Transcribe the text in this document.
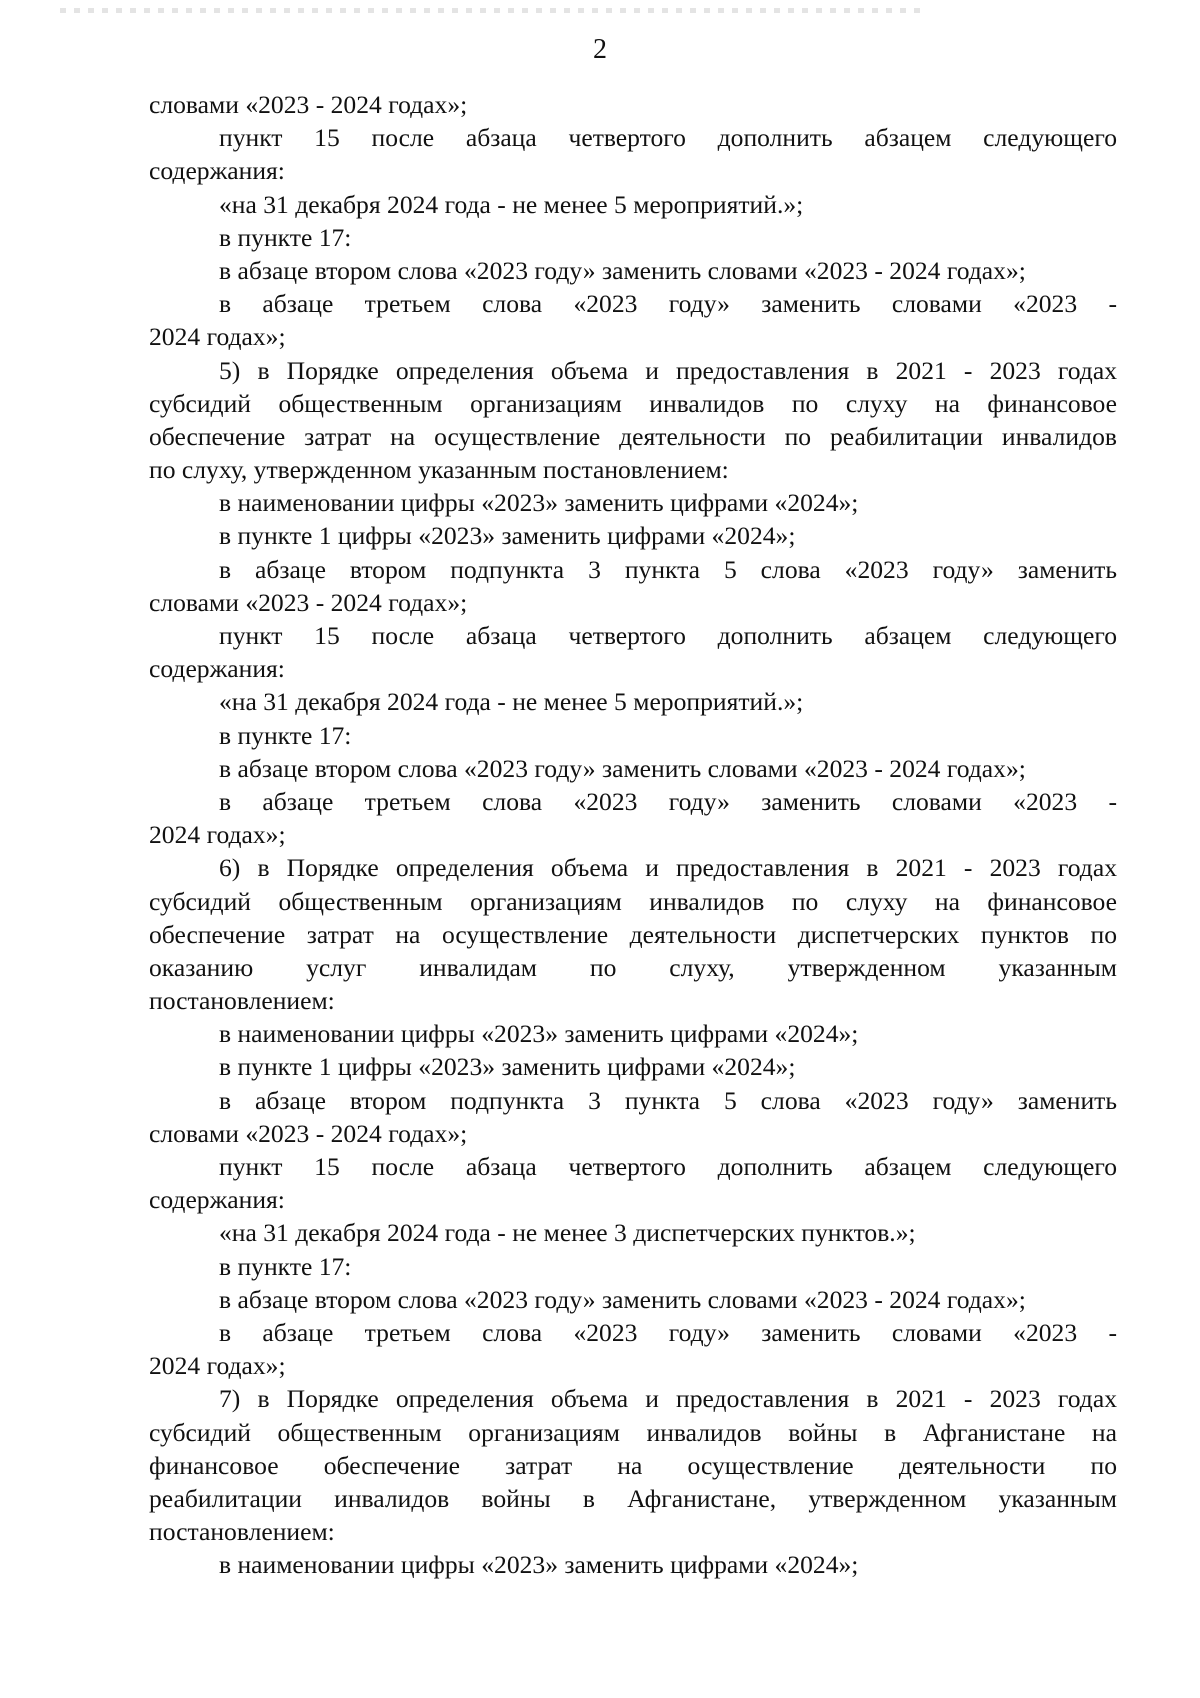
2
словами «2023 - 2024 годах»;
пункт 15 после абзаца четвертого дополнить абзацем следующего
содержания:
«на 31 декабря 2024 года - не менее 5 мероприятий.»;
в пункте 17:
в абзаце втором слова «2023 году» заменить словами «2023 - 2024 годах»;
в абзаце третьем слова «2023 году» заменить словами «2023 -
2024 годах»;
5) в Порядке определения объема и предоставления в 2021 - 2023 годах
субсидий общественным организациям инвалидов по слуху на финансовое
обеспечение затрат на осуществление деятельности по реабилитации инвалидов
по слуху, утвержденном указанным постановлением:
в наименовании цифры «2023» заменить цифрами «2024»;
в пункте 1 цифры «2023» заменить цифрами «2024»;
в абзаце втором подпункта 3 пункта 5 слова «2023 году» заменить
словами «2023 - 2024 годах»;
пункт 15 после абзаца четвертого дополнить абзацем следующего
содержания:
«на 31 декабря 2024 года - не менее 5 мероприятий.»;
в пункте 17:
в абзаце втором слова «2023 году» заменить словами «2023 - 2024 годах»;
в абзаце третьем слова «2023 году» заменить словами «2023 -
2024 годах»;
6) в Порядке определения объема и предоставления в 2021 - 2023 годах
субсидий общественным организациям инвалидов по слуху на финансовое
обеспечение затрат на осуществление деятельности диспетчерских пунктов по
оказанию услуг инвалидам по слуху, утвержденном указанным
постановлением:
в наименовании цифры «2023» заменить цифрами «2024»;
в пункте 1 цифры «2023» заменить цифрами «2024»;
в абзаце втором подпункта 3 пункта 5 слова «2023 году» заменить
словами «2023 - 2024 годах»;
пункт 15 после абзаца четвертого дополнить абзацем следующего
содержания:
«на 31 декабря 2024 года - не менее 3 диспетчерских пунктов.»;
в пункте 17:
в абзаце втором слова «2023 году» заменить словами «2023 - 2024 годах»;
в абзаце третьем слова «2023 году» заменить словами «2023 -
2024 годах»;
7) в Порядке определения объема и предоставления в 2021 - 2023 годах
субсидий общественным организациям инвалидов войны в Афганистане на
финансовое обеспечение затрат на осуществление деятельности по
реабилитации инвалидов войны в Афганистане, утвержденном указанным
постановлением:
в наименовании цифры «2023» заменить цифрами «2024»;
